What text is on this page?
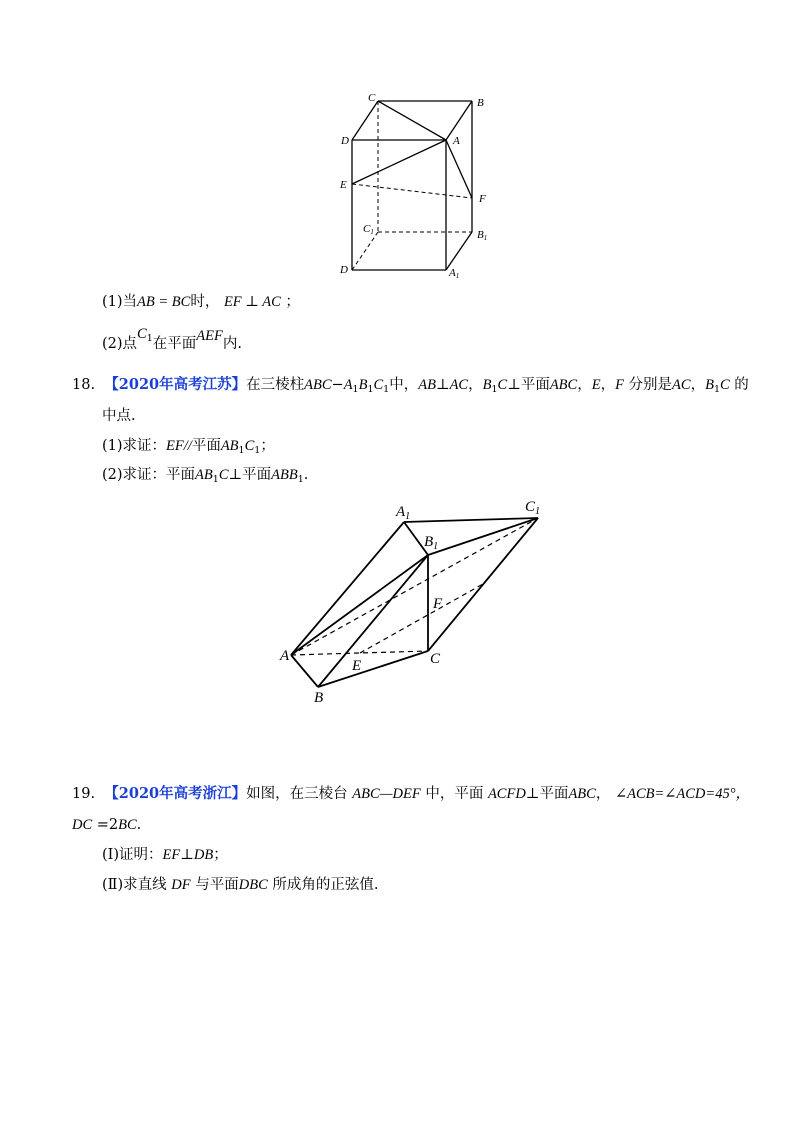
C	B
D	A
E
F
C1	B1
D	A1
(1)当AB = BC时， EF ⊥ AC ；
(2)点$C_1$在平面AEF内.
18. 【2020年高考江苏】在三棱柱$ABC-A_1B_1C_1$中，AB⊥AC，$B_1C\perp$平面ABC，E，F 分别是AC，$B_1C$ 的
中点.
(1)求证：EF//平面$AB_1C_1$；
(2)求证：平面$AB_1C\perp$平面$ABB_1$.
$A_1$
$C_1$
$B_1$
F
A
E	C
B
19. 【2020年高考浙江】如图，在三棱台 ABC—DEF 中，平面 ACFD⊥平面ABC， ∠ACB=∠ACD=45°，
DC =2BC.
(Ⅰ)证明：EF⊥DB；
(Ⅱ)求直线 DF 与平面DBC 所成角的正弦值.
